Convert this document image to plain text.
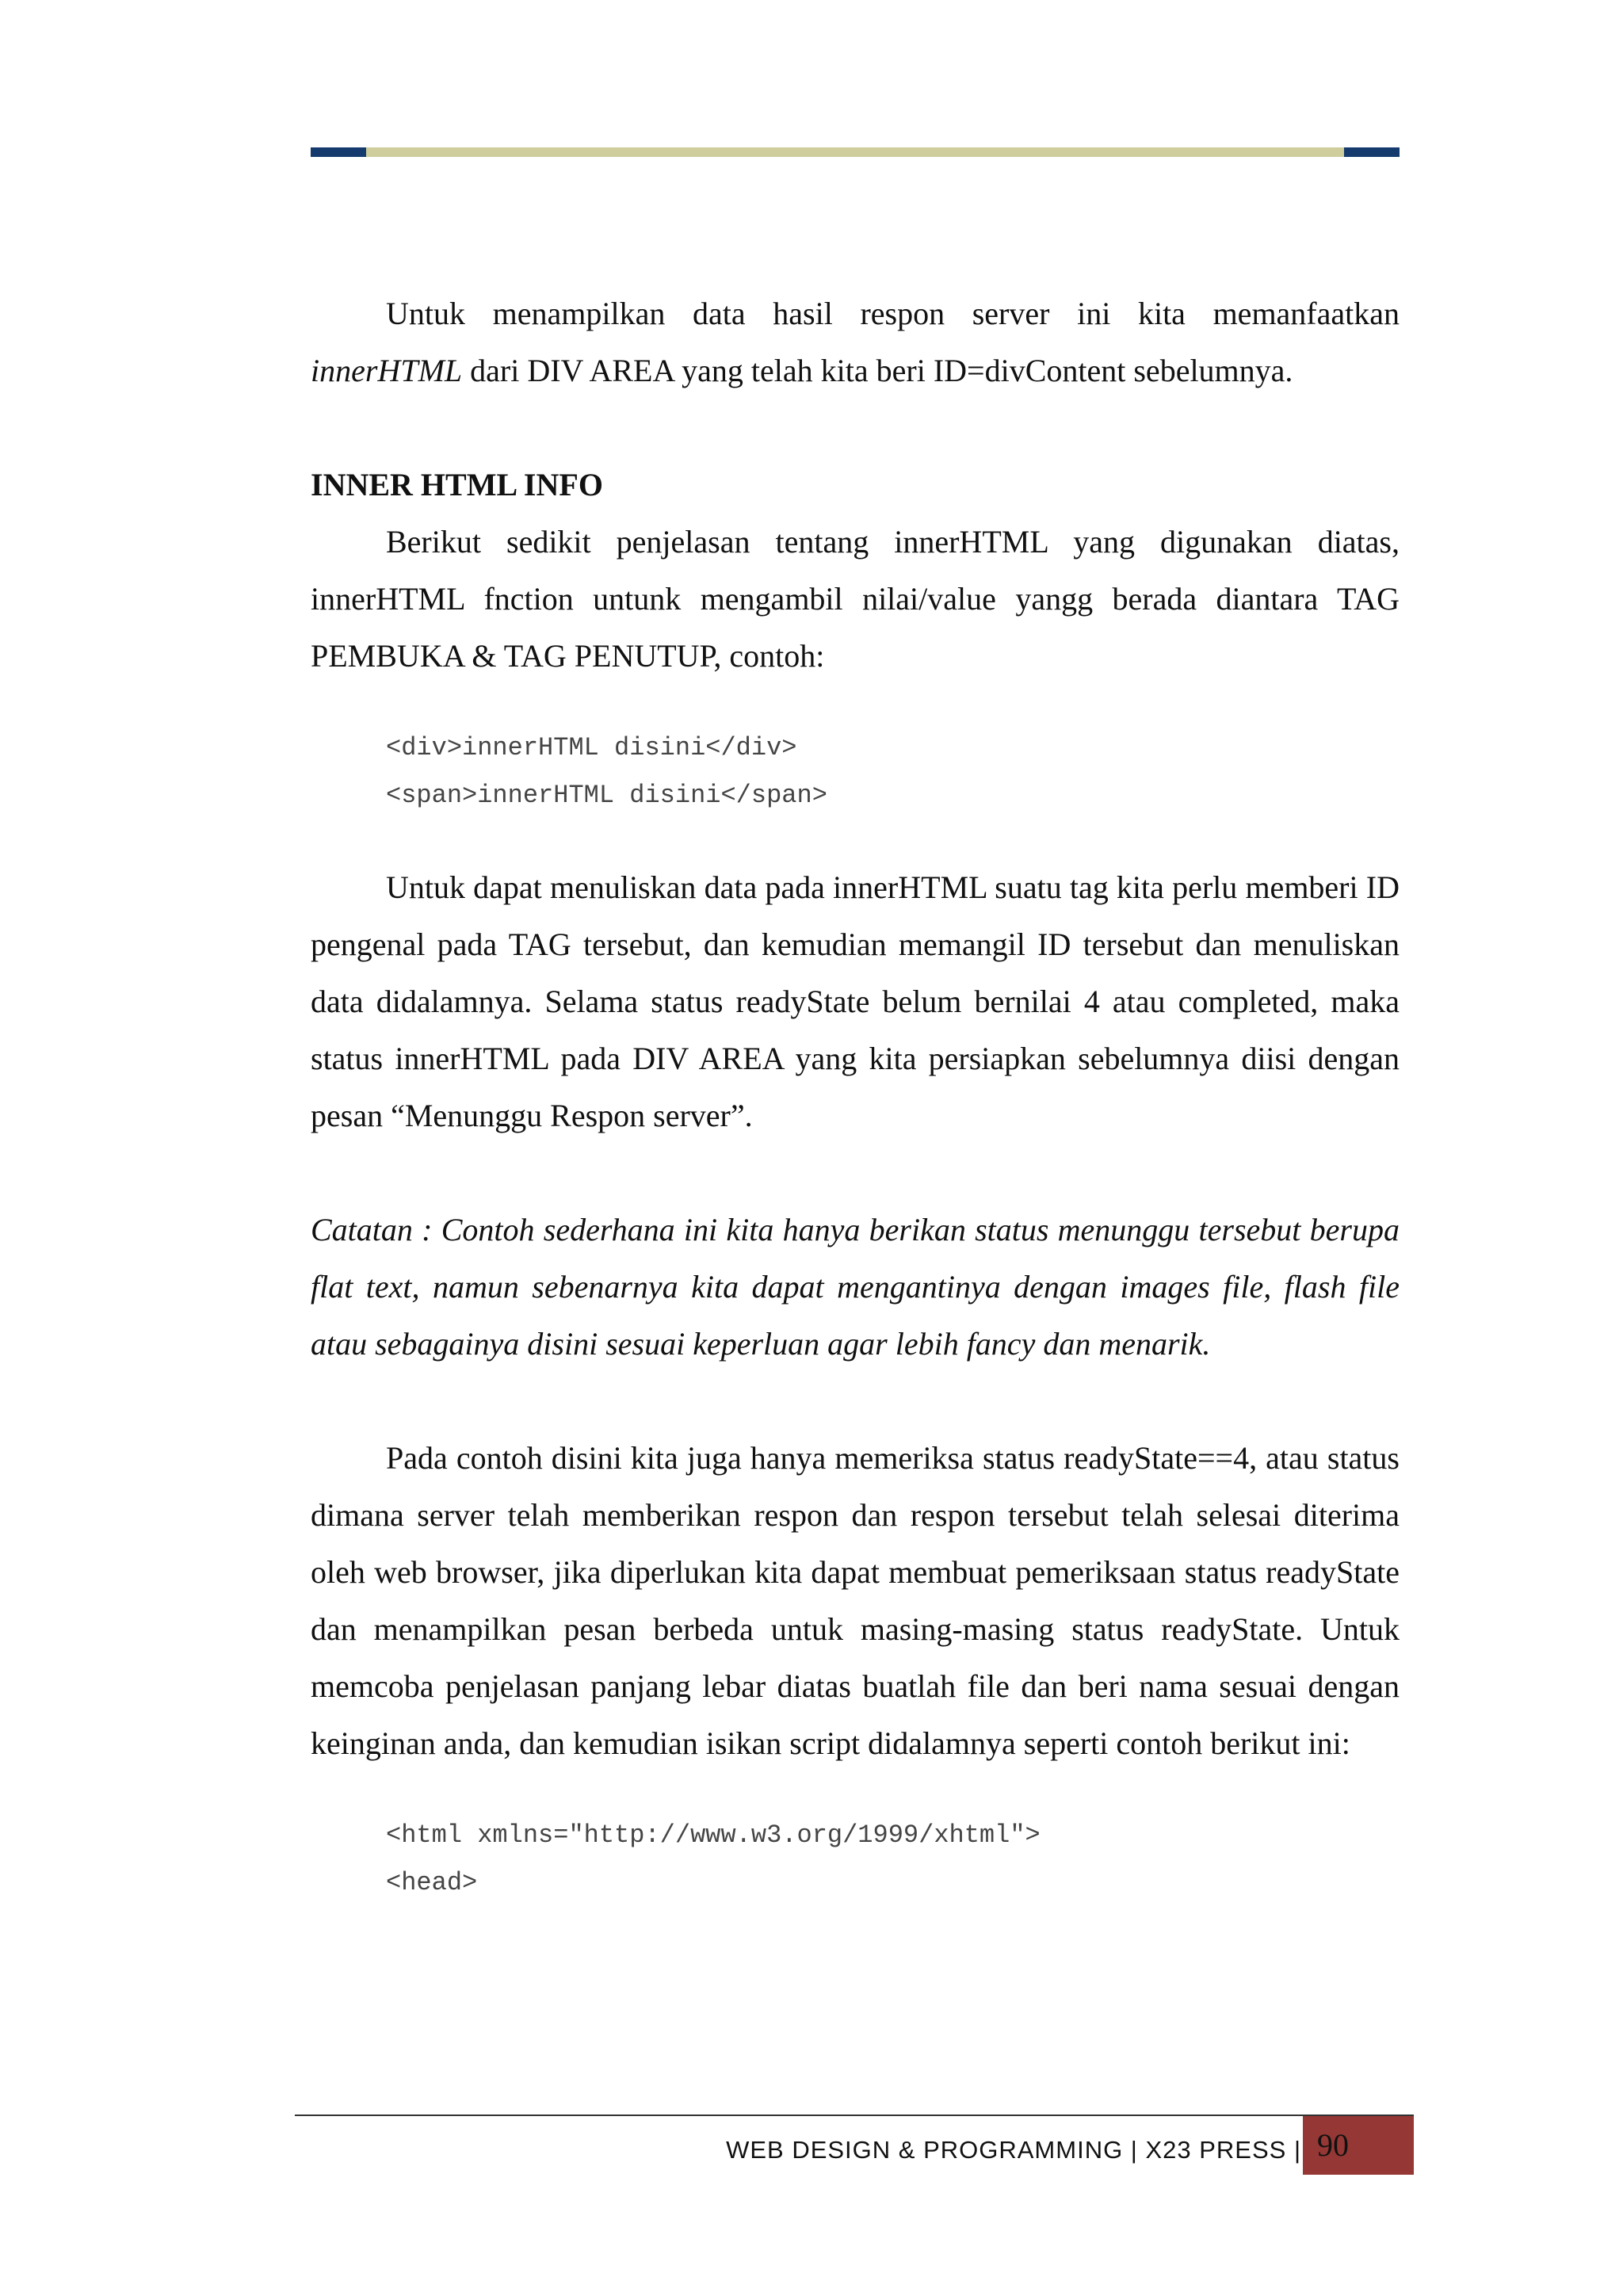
Untuk menampilkan data hasil respon server ini kita memanfaatkan innerHTML dari DIV AREA yang telah kita beri ID=divContent sebelumnya.

INNER HTML INFO

Berikut sedikit penjelasan tentang innerHTML yang digunakan diatas, innerHTML fnction untunk mengambil nilai/value yangg berada diantara TAG PEMBUKA & TAG PENUTUP, contoh:

<div>innerHTML disini</div>

<span>innerHTML disini</span>

Untuk dapat menuliskan data pada innerHTML suatu tag kita perlu memberi ID pengenal pada TAG tersebut, dan kemudian memangil ID tersebut dan menuliskan data didalamnya. Selama status readyState belum bernilai 4 atau completed, maka status innerHTML pada DIV AREA yang kita persiapkan sebelumnya diisi dengan pesan “Menunggu Respon server”.

Catatan : Contoh sederhana ini kita hanya berikan status menunggu tersebut berupa flat text, namun sebenarnya kita dapat mengantinya dengan images file, flash file atau sebagainya disini sesuai keperluan agar lebih fancy dan menarik.

Pada contoh disini kita juga hanya memeriksa status readyState==4, atau status dimana server telah memberikan respon dan respon tersebut telah selesai diterima oleh web browser, jika diperlukan kita dapat membuat pemeriksaan status readyState dan menampilkan pesan berbeda untuk masing-masing status readyState. Untuk memcoba penjelasan panjang lebar diatas buatlah file dan beri nama sesuai dengan keinginan anda, dan kemudian isikan script didalamnya seperti contoh berikut ini:

<html xmlns="http://www.w3.org/1999/xhtml">

<head>

WEB DESIGN & PROGRAMMING | X23 PRESS | 90
